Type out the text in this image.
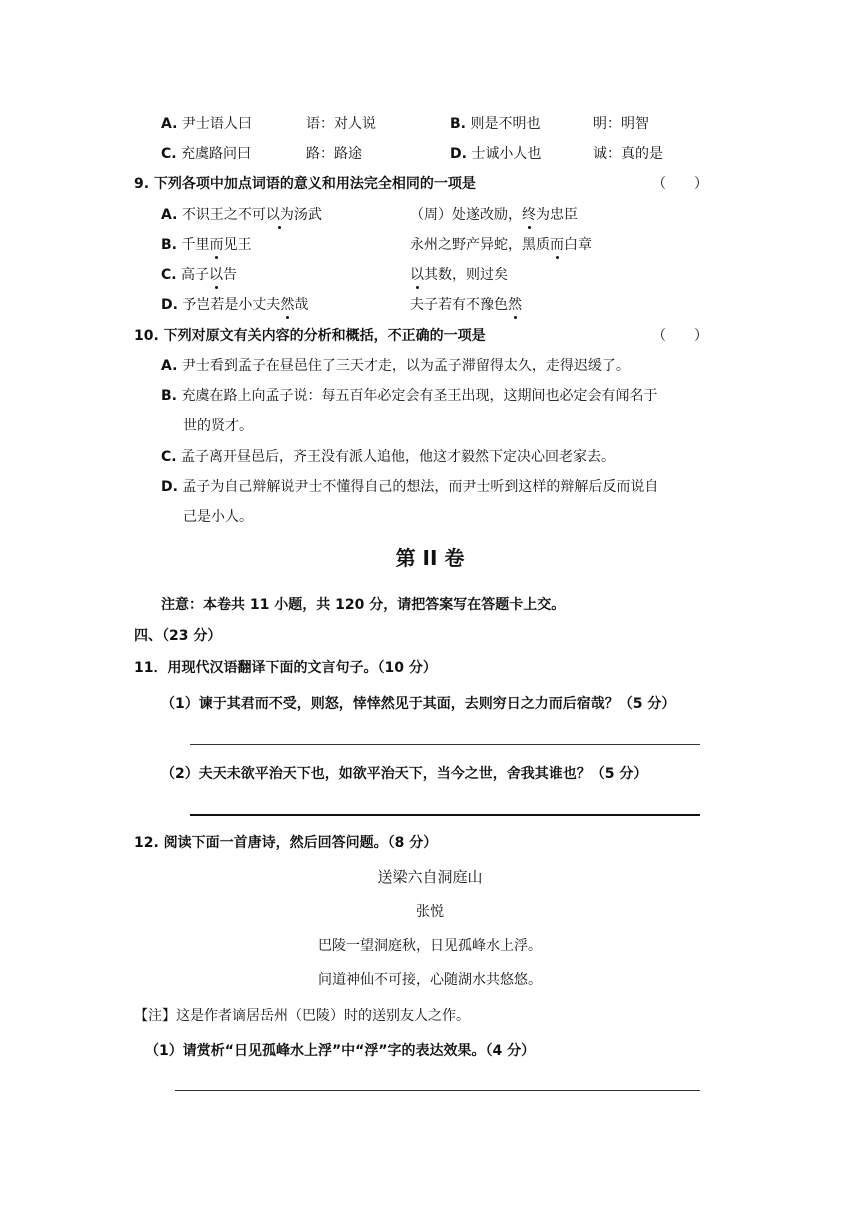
A. 尹士语人曰	语：对人说	B. 则是不明也	明：明智
C. 充虞路问曰	路：路途	D. 士诚小人也	诚：真的是
9. 下列各项中加点词语的意义和用法完全相同的一项是	（　　）
A. 不识王之不可以为汤武	（周）处遂改励，终为忠臣
B. 千里而见王	永州之野产异蛇，黑质而白章
C. 高子以告	以其数，则过矣
D. 予岂若是小丈夫然哉	夫子若有不豫色然
10. 下列对原文有关内容的分析和概括，不正确的一项是	（　　）
A. 尹士看到孟子在昼邑住了三天才走，以为孟子滞留得太久，走得迟缓了。
B. 充虞在路上向孟子说：每五百年必定会有圣王出现，这期间也必定会有闻名于
世的贤才。
C. 孟子离开昼邑后，齐王没有派人追他，他这才毅然下定决心回老家去。
D. 孟子为自己辩解说尹士不懂得自己的想法，而尹士听到这样的辩解后反而说自
己是小人。
第 II 卷
注意：本卷共 11 小题，共 120 分，请把答案写在答题卡上交。
四、（23 分）
11．用现代汉语翻译下面的文言句子。（10 分）
（1）谏于其君而不受，则怒，悻悻然见于其面，去则穷日之力而后宿哉？（5 分）
（2）夫天未欲平治天下也，如欲平治天下，当今之世，舍我其谁也？（5 分）
12. 阅读下面一首唐诗，然后回答问题。（8 分）
送梁六自洞庭山
张悦
巴陵一望洞庭秋，日见孤峰水上浮。
问道神仙不可接，心随湖水共悠悠。
【注】这是作者谪居岳州（巴陵）时的送别友人之作。
（1）请赏析“日见孤峰水上浮”中“浮”字的表达效果。（4 分）
